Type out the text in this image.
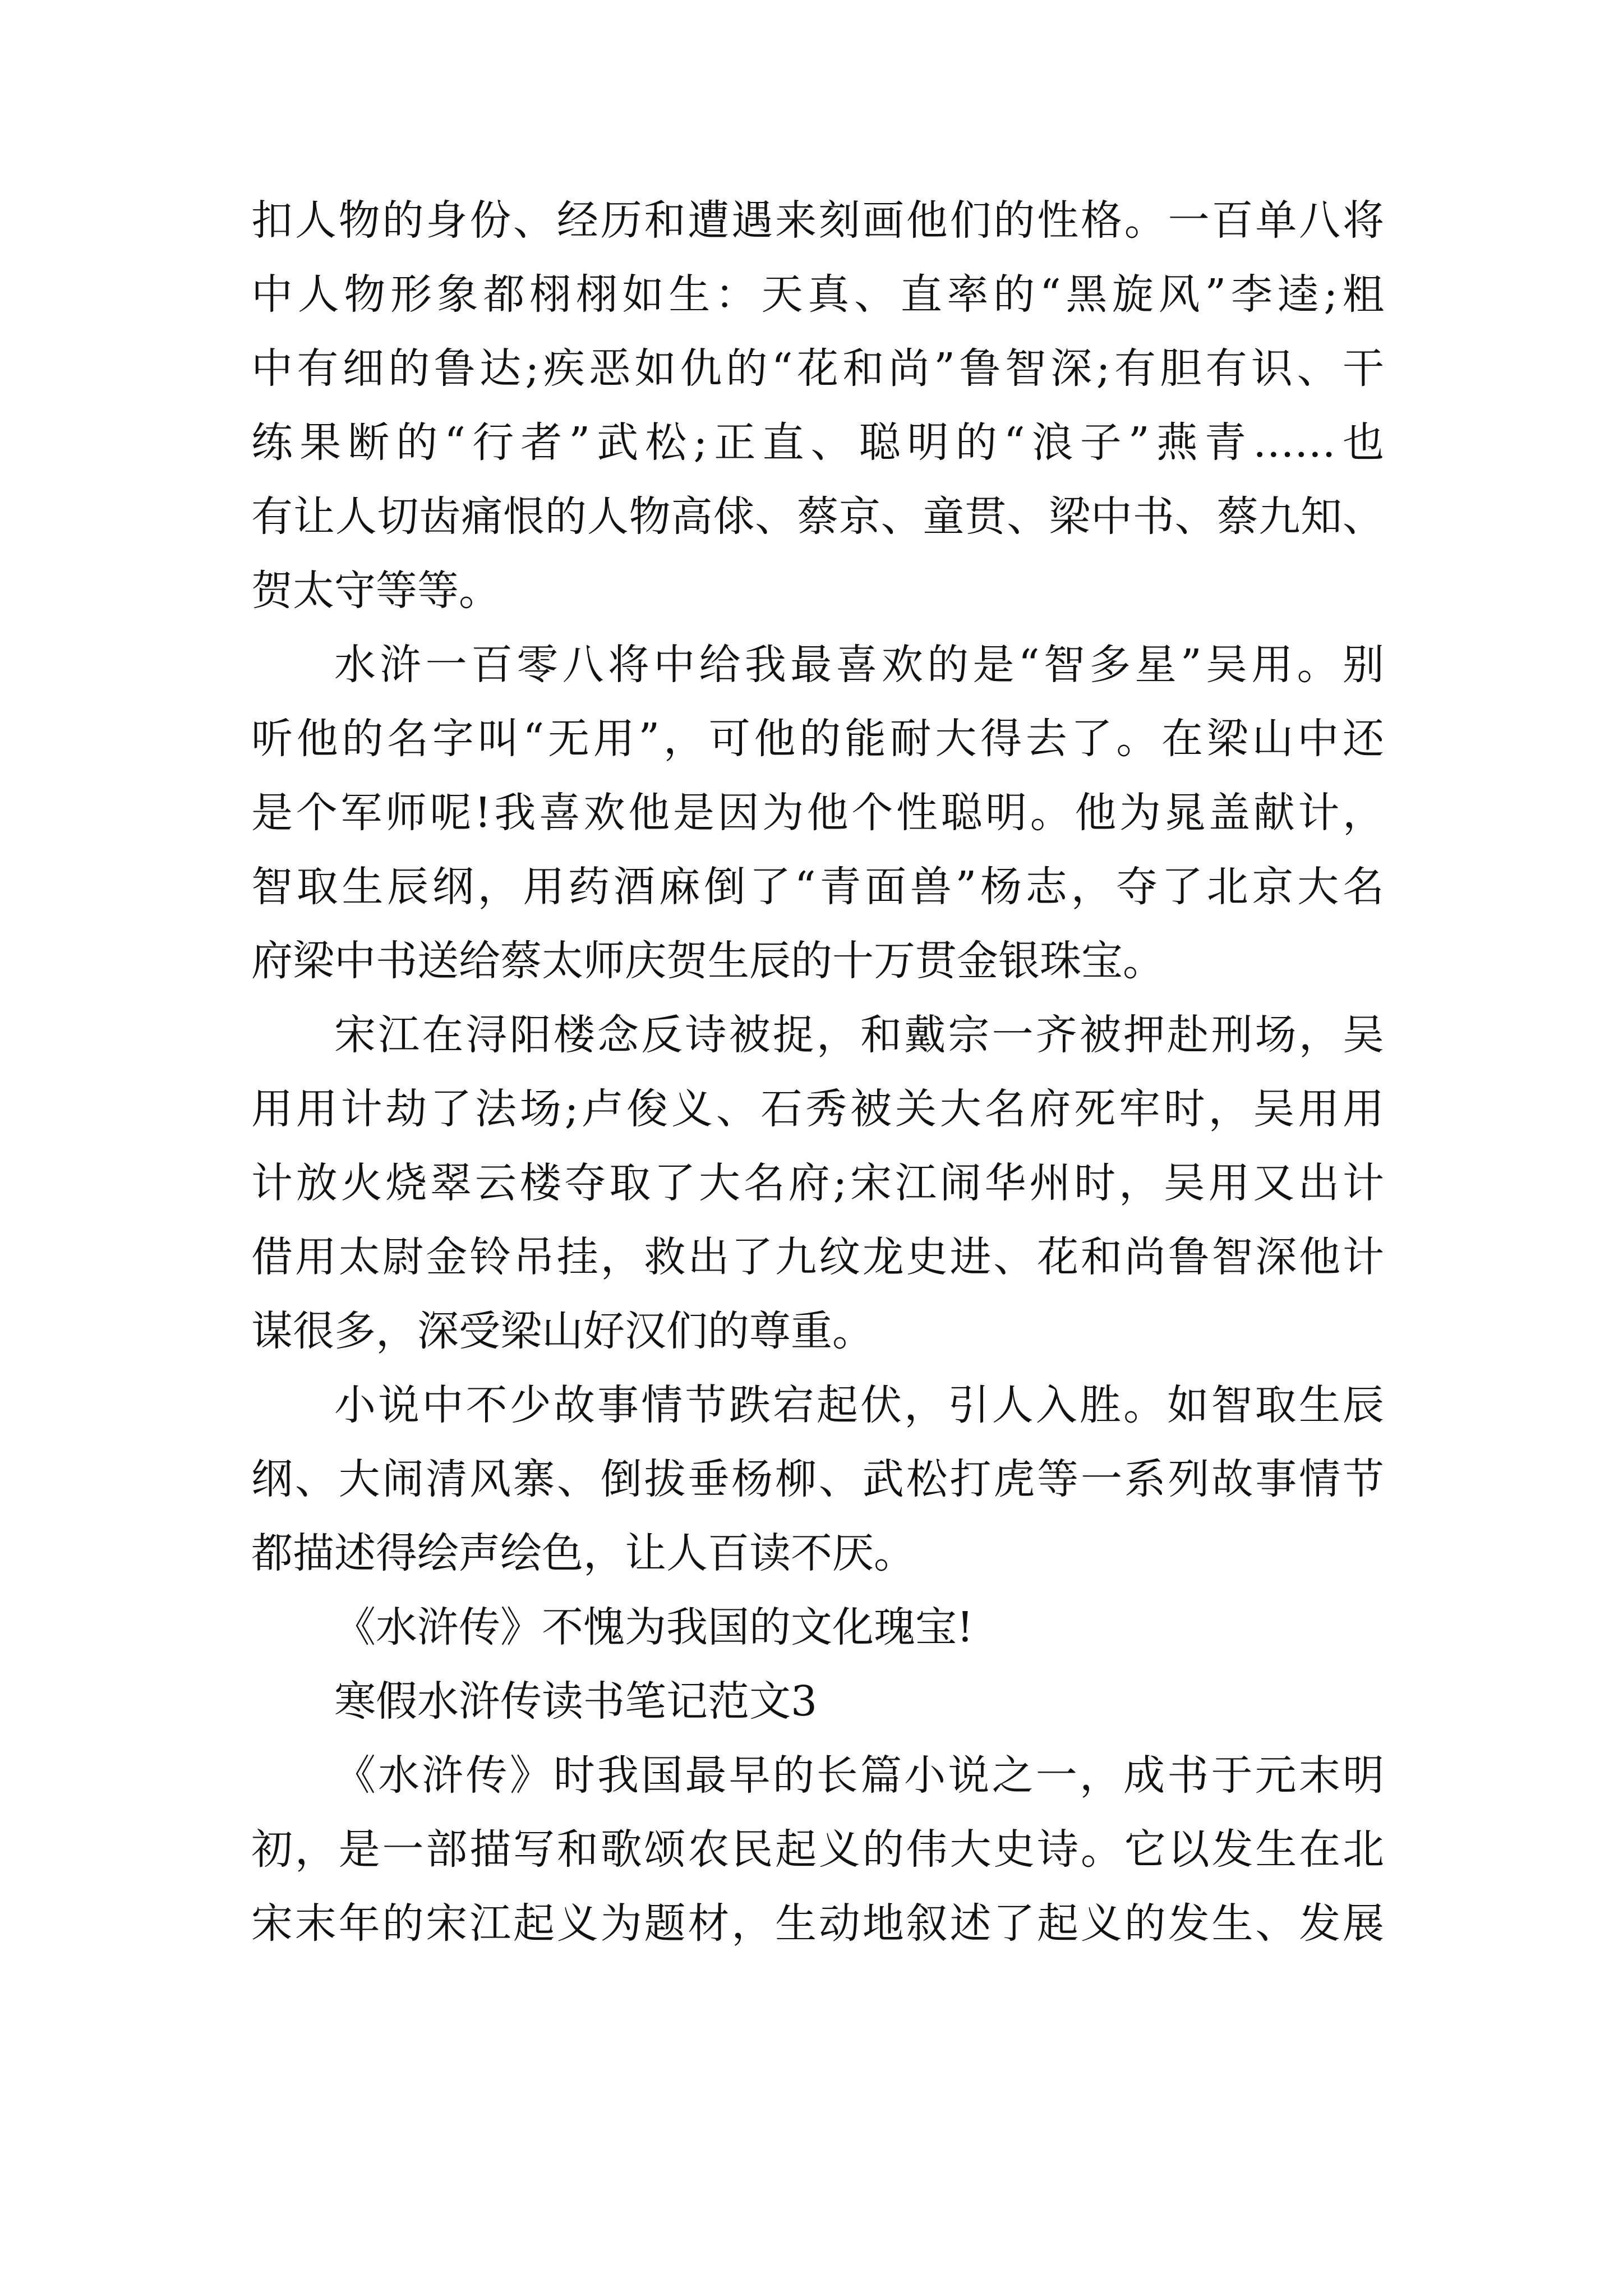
扣人物的身份、经历和遭遇来刻画他们的性格。一百单八将
中人物形象都栩栩如生：天真、直率的“黑旋风”李逵;粗
中有细的鲁达;疾恶如仇的“花和尚”鲁智深;有胆有识、干
练果断的“行者”武松;正直、聪明的“浪子”燕青……也
有让人切齿痛恨的人物高俅、蔡京、童贯、梁中书、蔡九知、
贺太守等等。
水浒一百零八将中给我最喜欢的是“智多星”吴用。别
听他的名字叫“无用”，可他的能耐大得去了。在梁山中还
是个军师呢!我喜欢他是因为他个性聪明。他为晁盖献计，
智取生辰纲，用药酒麻倒了“青面兽”杨志，夺了北京大名
府梁中书送给蔡太师庆贺生辰的十万贯金银珠宝。
宋江在浔阳楼念反诗被捉，和戴宗一齐被押赴刑场，吴
用用计劫了法场;卢俊义、石秀被关大名府死牢时，吴用用
计放火烧翠云楼夺取了大名府;宋江闹华州时，吴用又出计
借用太尉金铃吊挂，救出了九纹龙史进、花和尚鲁智深他计
谋很多，深受梁山好汉们的尊重。
小说中不少故事情节跌宕起伏，引人入胜。如智取生辰
纲、大闹清风寨、倒拔垂杨柳、武松打虎等一系列故事情节
都描述得绘声绘色，让人百读不厌。
《水浒传》不愧为我国的文化瑰宝!
寒假水浒传读书笔记范文3
《水浒传》时我国最早的长篇小说之一，成书于元末明
初，是一部描写和歌颂农民起义的伟大史诗。它以发生在北
宋末年的宋江起义为题材，生动地叙述了起义的发生、发展
